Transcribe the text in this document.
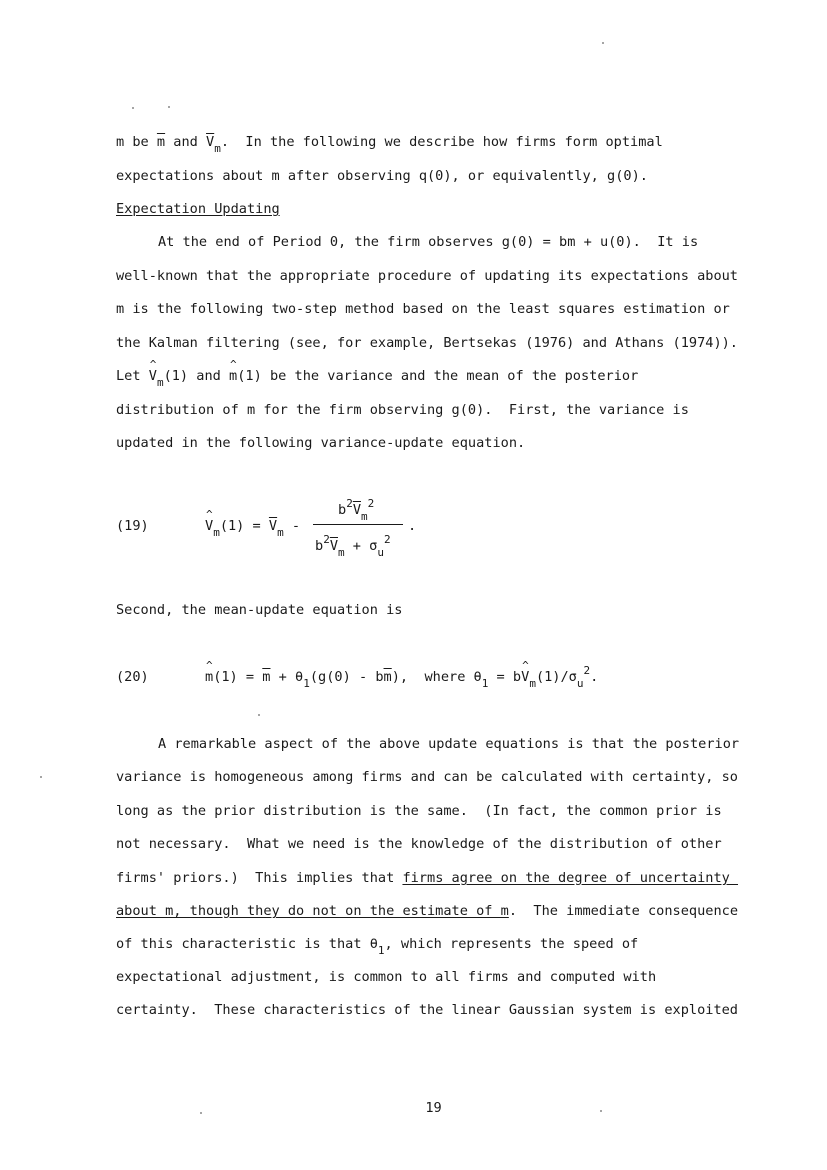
m be $\overline{m}$ and $\overline{V}_m$.  In the following we describe how firms form optimal
expectations about m after observing q(0), or equivalently, g(0).
Expectation Updating
At the end of Period 0, the firm observes g(0) = bm + u(0).  It is
well-known that the appropriate procedure of updating its expectations about
m is the following two-step method based on the least squares estimation or
the Kalman filtering (see, for example, Bertsekas (1976) and Athans (1974)).
Let ^ $V_m(1)$ and ^ m(1) be the variance and the mean of the posterior
distribution of m for the firm observing g(0).  First, the variance is
updated in the following variance-update equation.
(19)	^ $V_m(1) = \overline{V}_m$ -
$b^2\overline{V}_m^2$
$b^2\overline{V}_m + \sigma_u^2$
.
Second, the mean-update equation is
(20)	^ $m(1) = \overline{m} + \theta_1(g(0) - b\overline{m})$,  where $\theta_1$ = b^ $V_m(1)/\sigma_u^2$.
A remarkable aspect of the above update equations is that the posterior
variance is homogeneous among firms and can be calculated with certainty, so
long as the prior distribution is the same.  (In fact, the common prior is
not necessary.  What we need is the knowledge of the distribution of other
firms' priors.)  This implies that firms agree on the degree of uncertainty
about m, though they do not on the estimate of m.  The immediate consequence
of this characteristic is that $\theta_1$, which represents the speed of
expectational adjustment, is common to all firms and computed with
certainty.  These characteristics of the linear Gaussian system is exploited
19
